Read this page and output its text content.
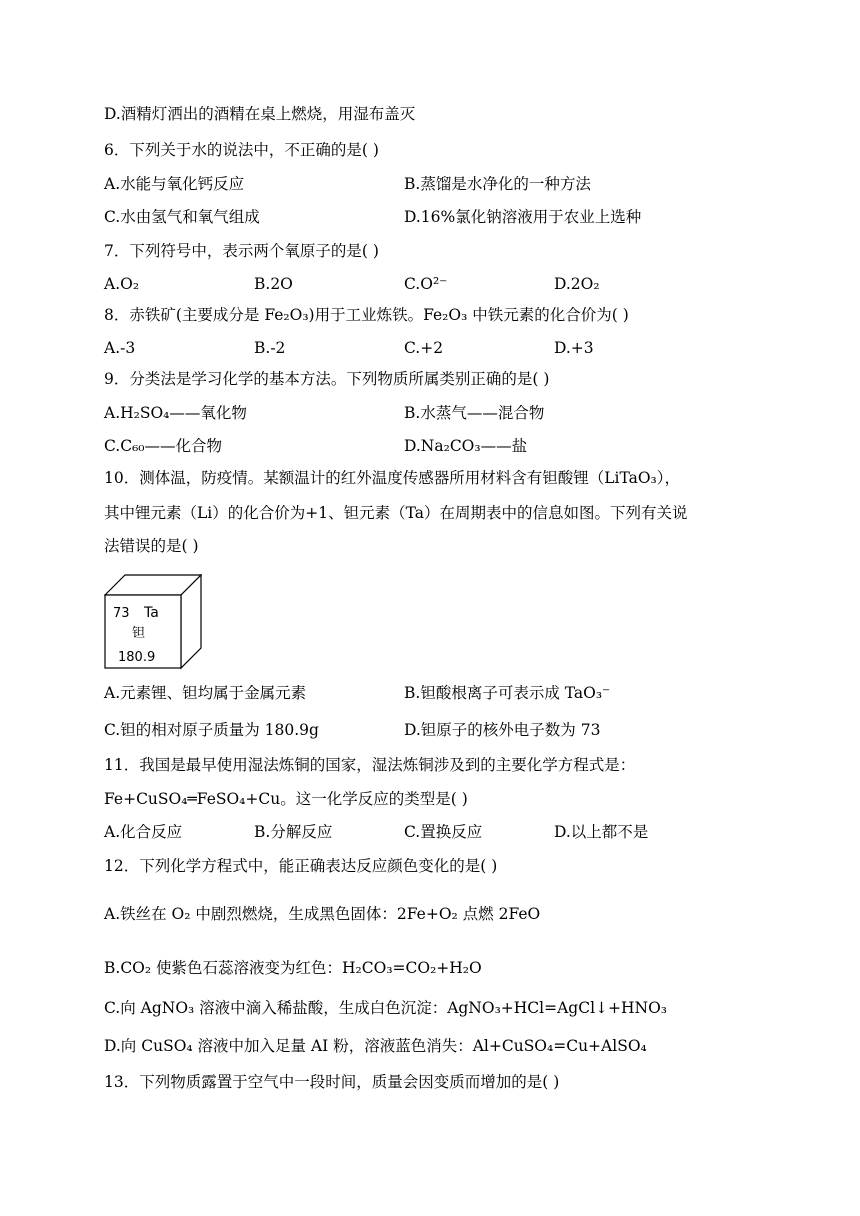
D.酒精灯洒出的酒精在桌上燃烧，用湿布盖灭
6．下列关于水的说法中，不正确的是( )
A.水能与氧化钙反应	B.蒸馏是水净化的一种方法
C.水由氢气和氧气组成	D.16%氯化钠溶液用于农业上选种
7．下列符号中，表示两个氧原子的是( )
A.O₂	B.2O	C.O²⁻	D.2O₂
8．赤铁矿(主要成分是 Fe₂O₃)用于工业炼铁。Fe₂O₃ 中铁元素的化合价为( )
A.-3	B.-2	C.+2	D.+3
9．分类法是学习化学的基本方法。下列物质所属类别正确的是( )
A.H₂SO₄——氧化物	B.水蒸气——混合物
C.C₆₀——化合物	D.Na₂CO₃——盐
10．测体温，防疫情。某额温计的红外温度传感器所用材料含有钽酸锂（LiTaO₃），
其中锂元素（Li）的化合价为+1、钽元素（Ta）在周期表中的信息如图。下列有关说
法错误的是( )
73 Ta
钽
180.9
A.元素锂、钽均属于金属元素	B.钽酸根离子可表示成 TaO₃⁻
C.钽的相对原子质量为 180.9g	D.钽原子的核外电子数为 73
11．我国是最早使用湿法炼铜的国家，湿法炼铜涉及到的主要化学方程式是：
Fe+CuSO₄═FeSO₄+Cu。这一化学反应的类型是( )
A.化合反应	B.分解反应	C.置换反应	D.以上都不是
12．下列化学方程式中，能正确表达反应颜色变化的是( )
A.铁丝在 O₂ 中剧烈燃烧，生成黑色固体：2Fe+O₂ 点燃 2FeO
B.CO₂ 使紫色石蕊溶液变为红色：H₂CO₃=CO₂+H₂O
C.向 AgNO₃ 溶液中滴入稀盐酸，生成白色沉淀：AgNO₃+HCl=AgCl↓+HNO₃
D.向 CuSO₄ 溶液中加入足量 AI 粉，溶液蓝色消失：Al+CuSO₄=Cu+AlSO₄
13．下列物质露置于空气中一段时间，质量会因变质而增加的是( )
